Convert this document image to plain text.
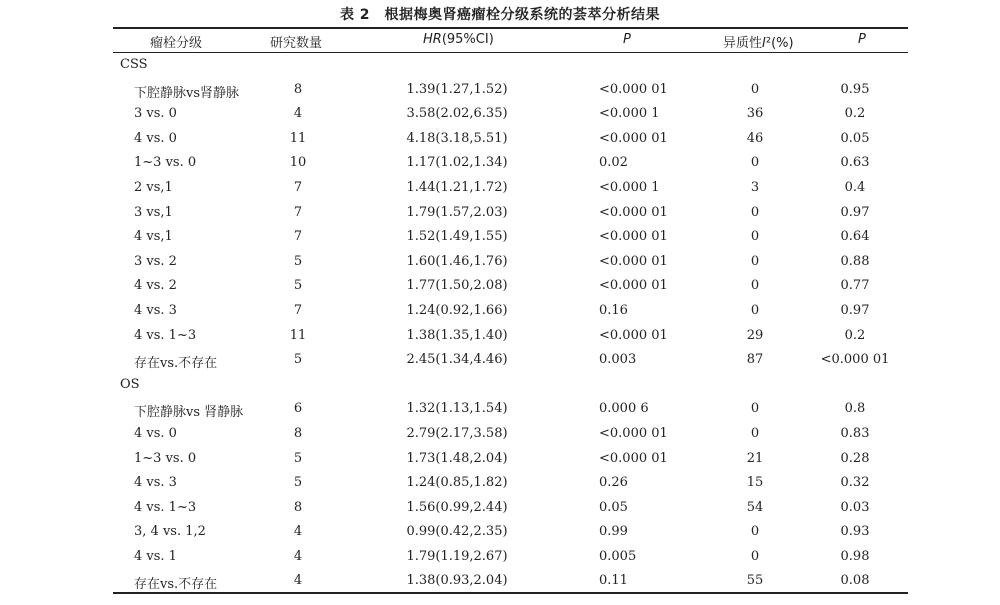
表 2　根据梅奥肾癌瘤栓分级系统的荟萃分析结果
瘤栓分级	研究数量	HR(95%CI)	P	异质性I²(%)	P
CSS
下腔静脉vs肾静脉	8	1.39(1.27,1.52)	<0.000 01	0	0.95
3 vs. 0	4	3.58(2.02,6.35)	<0.000 1	36	0.2
4 vs. 0	11	4.18(3.18,5.51)	<0.000 01	46	0.05
1~3 vs. 0	10	1.17(1.02,1.34)	0.02	0	0.63
2 vs,1	7	1.44(1.21,1.72)	<0.000 1	3	0.4
3 vs,1	7	1.79(1.57,2.03)	<0.000 01	0	0.97
4 vs,1	7	1.52(1.49,1.55)	<0.000 01	0	0.64
3 vs. 2	5	1.60(1.46,1.76)	<0.000 01	0	0.88
4 vs. 2	5	1.77(1.50,2.08)	<0.000 01	0	0.77
4 vs. 3	7	1.24(0.92,1.66)	0.16	0	0.97
4 vs. 1~3	11	1.38(1.35,1.40)	<0.000 01	29	0.2
存在vs.不存在	5	2.45(1.34,4.46)	0.003	87	<0.000 01
OS
下腔静脉vs 肾静脉	6	1.32(1.13,1.54)	0.000 6	0	0.8
4 vs. 0	8	2.79(2.17,3.58)	<0.000 01	0	0.83
1~3 vs. 0	5	1.73(1.48,2.04)	<0.000 01	21	0.28
4 vs. 3	5	1.24(0.85,1.82)	0.26	15	0.32
4 vs. 1~3	8	1.56(0.99,2.44)	0.05	54	0.03
3, 4 vs. 1,2	4	0.99(0.42,2.35)	0.99	0	0.93
4 vs. 1	4	1.79(1.19,2.67)	0.005	0	0.98
存在vs.不存在	4	1.38(0.93,2.04)	0.11	55	0.08
